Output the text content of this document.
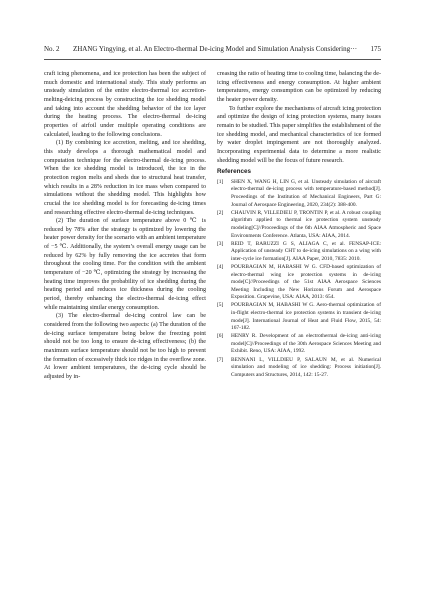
No. 2	ZHANG Yingying, et al. An Electro-thermal De-icing Model and Simulation Analysis Considering···	175

craft icing phenomena, and ice protection has been the subject of much domestic and international study. This study performs an unsteady simulation of the entire electro-thermal ice accretion-melting-deicing process by constructing the ice shedding model and taking into account the shedding behavior of the ice layer during the heating process. The electro-thermal de-icing properties of airfoil under multiple operating conditions are calculated, leading to the following conclusions.

(1) By combining ice accretion, melting, and ice shedding, this study develops a thorough mathematical model and computation technique for the electro-thermal de-icing process. When the ice shedding model is introduced, the ice in the protection region melts and sheds due to structural heat transfer, which results in a 28% reduction in ice mass when compared to simulations without the shedding model. This highlights how crucial the ice shedding model is for forecasting de-icing times and researching effective electro-thermal de-icing techniques.

(2) The duration of surface temperature above 0 ℃ is reduced by 78% after the strategy is optimized by lowering the heater power density for the scenario with an ambient temperature of −5 ℃. Additionally, the system’s overall energy usage can be reduced by 62% by fully removing the ice accretes that form throughout the cooling time. For the condition with the ambient temperature of −20 ℃, optimizing the strategy by increasing the heating time improves the probability of ice shedding during the heating period and reduces ice thickness during the cooling period, thereby enhancing the electro-thermal de-icing effect while maintaining similar energy consumption.

(3) The electro-thermal de-icing control law can be considered from the following two aspects: (a) The duration of the de-icing surface temperature being below the freezing point should not be too long to ensure de-icing effectiveness; (b) the maximum surface temperature should not be too high to prevent the formation of excessively thick ice ridges in the overflow zone. At lower ambient temperatures, the de-icing cycle should be adjusted by in-

creasing the ratio of heating time to cooling time, balancing the de-icing effectiveness and energy consumption. At higher ambient temperatures, energy consumption can be optimized by reducing the heater power density.

To further explore the mechanisms of aircraft icing protection and optimize the design of icing protection systems, many issues remain to be studied. This paper simplifies the establishment of the ice shedding model, and mechanical characteristics of ice formed by water droplet impingement are not thoroughly analyzed. Incorporating experimental data to determine a more realistic shedding model will be the focus of future research.

References
[1]	SHEN X, WANG H, LIN G, et al. Unsteady simulation of aircraft electro-thermal de-icing process with temperature-based method[J]. Proceedings of the Institution of Mechanical Engineers, Part G: Journal of Aerospace Engineering, 2020, 234(2): 388-400.
[2]	CHAUVIN R, VILLEDIEU P, TRONTIN P, et al. A robust coupling algorithm applied to thermal ice protection system unsteady modeling[C]//Proceedings of the 6th AIAA Atmospheric and Space Environments Conference. Atlanta, USA: AIAA, 2014.
[3]	REID T, BARUZZI G S, ALIAGA C, et al. FENSAP-ICE: Application of unsteady CHT to de-icing simulations on a wing with inter-cycle ice formation[J]. AIAA Paper, 2010, 7835: 2010.
[4]	POURBAGIAN M, HABASHI W G. CFD-based optimization of electro-thermal wing ice protection systems in de-icing mode[C]//Proceedings of the 51st AIAA Aerospace Sciences Meeting Including the New Horizons Forum and Aerospace Exposition. Grapevine, USA: AIAA, 2013: 654.
[5]	POURBAGIAN M, HABASHI W G. Aero-thermal optimization of in-flight electro-thermal ice protection systems in transient de-icing mode[J]. International Journal of Heat and Fluid Flow, 2015, 54: 167-182.
[6]	HENRY R. Development of an electrothermal de-icing anti-icing model[C]//Proceedings of the 30th Aerospace Sciences Meeting and Exhibit. Reno, USA: AIAA, 1992.
[7]	BENNANI L, VILLDIEU P, SALAUN M, et al. Numerical simulation and modeling of ice shedding: Process initiation[J]. Computers and Structures, 2014, 142: 15-27.
